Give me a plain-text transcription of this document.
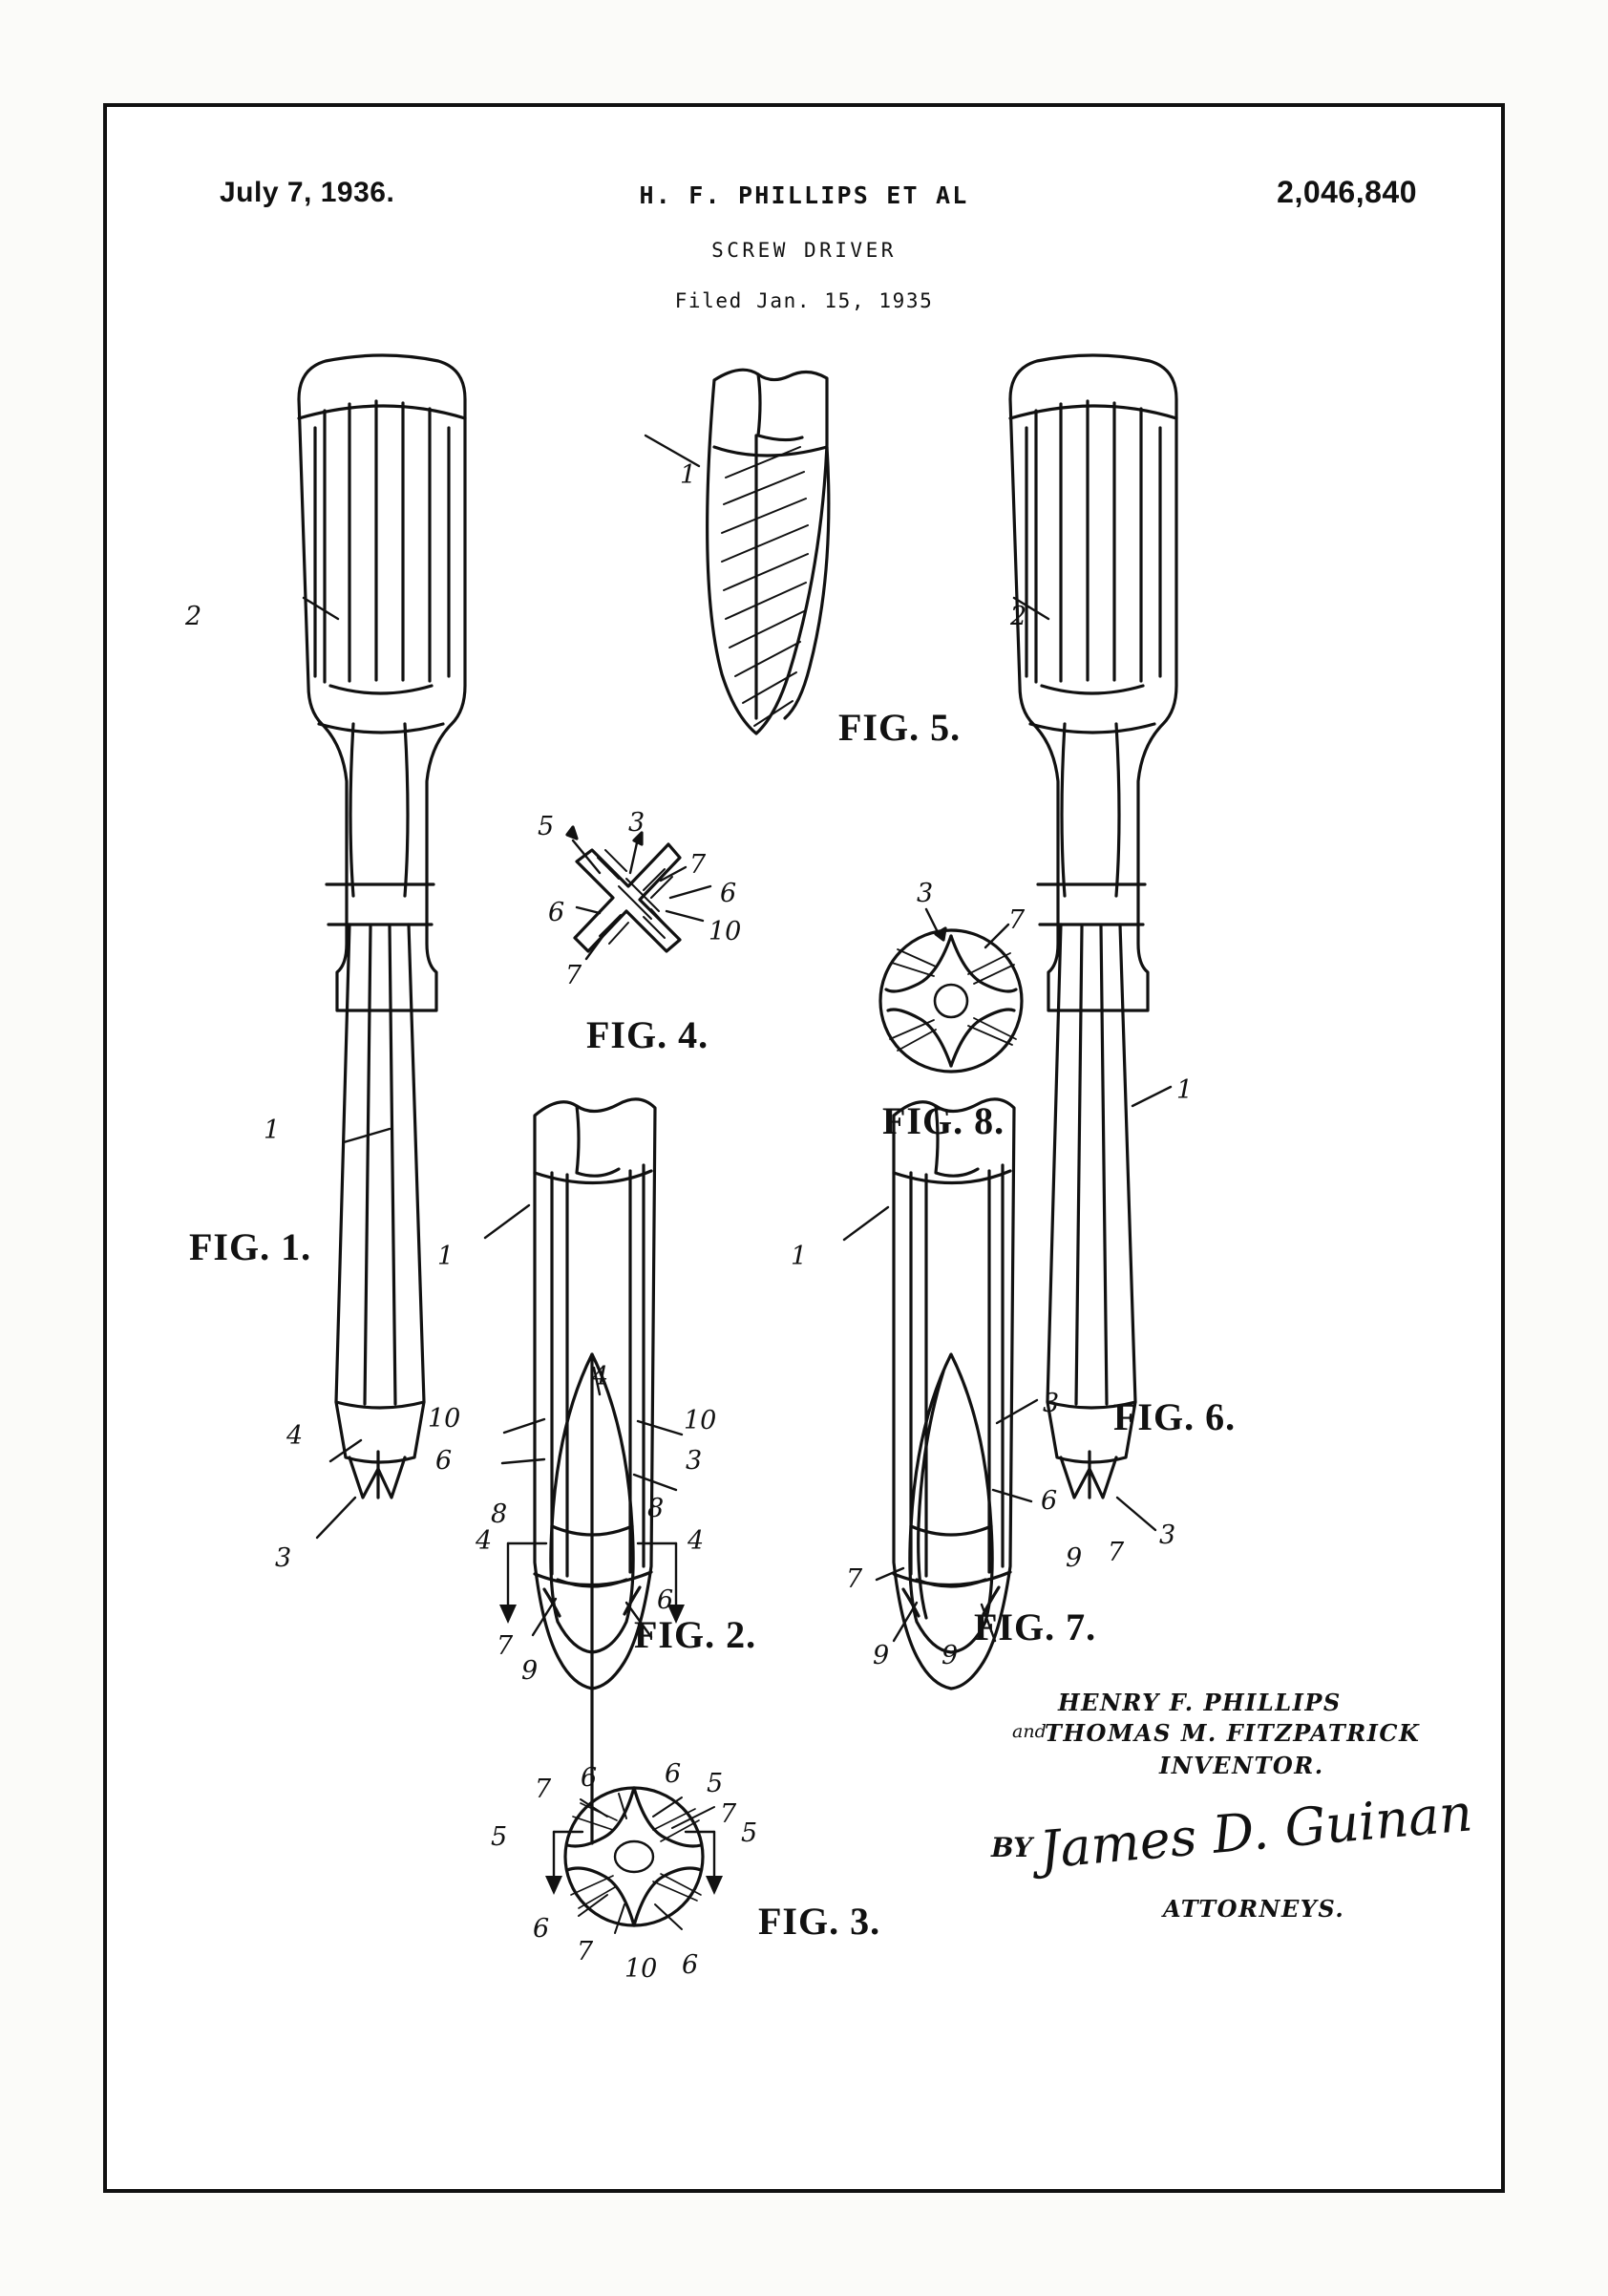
July 7, 1936.	H. F. PHILLIPS ET AL
SCREW DRIVER
Filed Jan. 15, 1935
2,046,840
2
1
4
3
FIG. 1.
1
FIG. 5.
5	3
7
6
6
10
7
FIG. 4.
3
7
FIG. 8.
2
1
3
9 7
FIG. 6.
1
4
10	10
6	3
8	8
4	4
6
7
9
FIG. 2.
1
3
6
7
9 9
FIG. 7.
7 6	6 5
7
5	5
6
7
10 6
FIG. 3.
HENRY F. PHILLIPS
and
THOMAS M. FITZPATRICK
INVENTOR.
BY James D. Guinan
ATTORNEYS.
